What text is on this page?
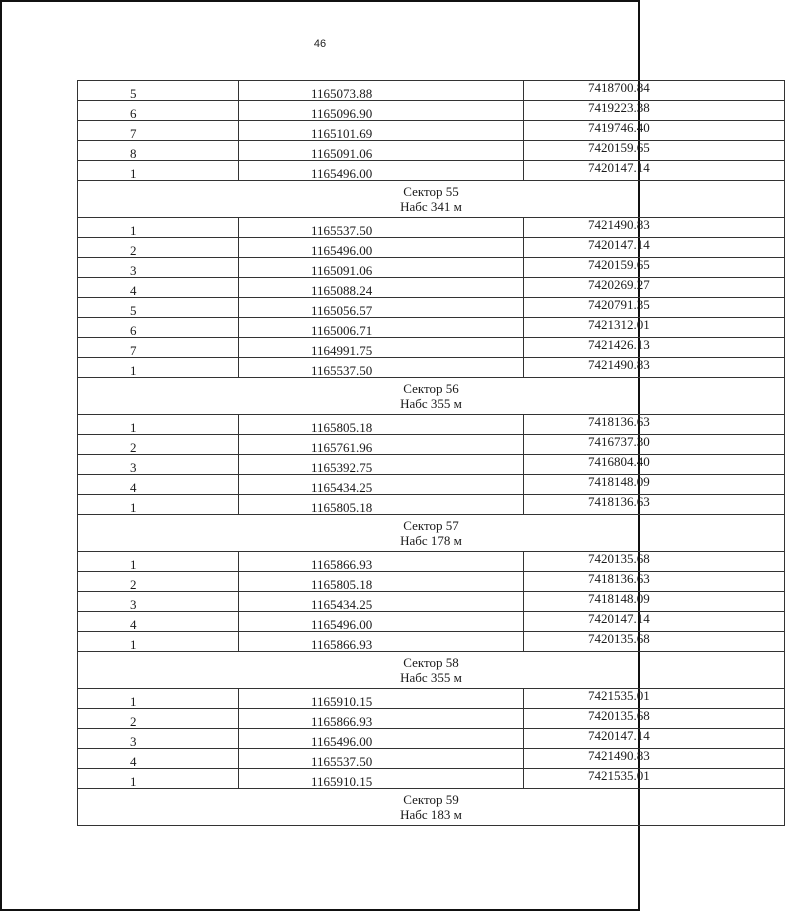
46
5	1165073.88	7418700.84
6	1165096.90	7419223.38
7	1165101.69	7419746.40
8	1165091.06	7420159.65
1	1165496.00	7420147.14

Сектор 55
Набс 341 м		

1	1165537.50	7421490.83
2	1165496.00	7420147.14
3	1165091.06	7420159.65
4	1165088.24	7420269.27
5	1165056.57	7420791.35
6	1165006.71	7421312.01
7	1164991.75	7421426.13
1	1165537.50	7421490.83

Сектор 56
Набс 355 м		

1	1165805.18	7418136.63
2	1165761.96	7416737.30
3	1165392.75	7416804.40
4	1165434.25	7418148.09
1	1165805.18	7418136.63

Сектор 57
Набс 178 м		

1	1165866.93	7420135.68
2	1165805.18	7418136.63
3	1165434.25	7418148.09
4	1165496.00	7420147.14
1	1165866.93	7420135.68

Сектор 58
Набс 355 м		

1	1165910.15	7421535.01
2	1165866.93	7420135.68
3	1165496.00	7420147.14
4	1165537.50	7421490.83
1	1165910.15	7421535.01

Сектор 59
Набс 183 м		
